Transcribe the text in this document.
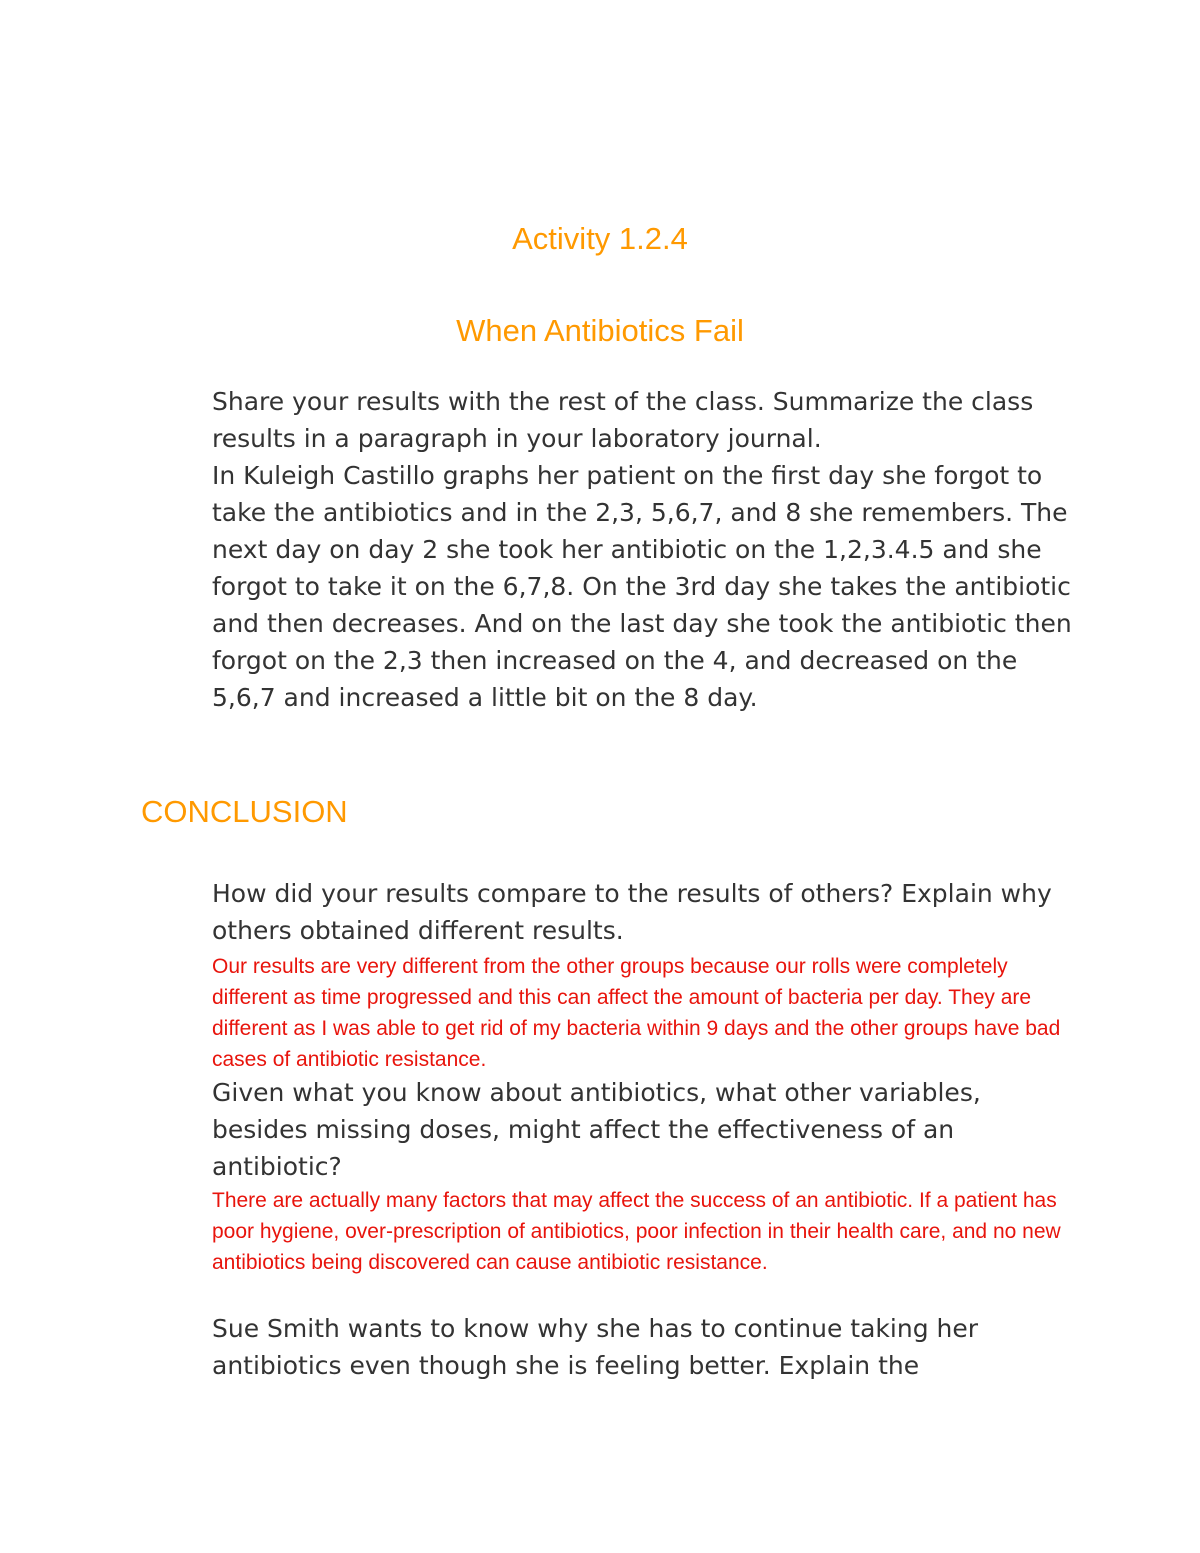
Activity 1.2.4
When Antibiotics Fail

Share your results with the rest of the class. Summarize the class results in a paragraph in your laboratory journal.

In Kuleigh Castillo graphs her patient on the first day she forgot to take the antibiotics and in the 2,3, 5,6,7, and 8 she remembers. The next day on day 2 she took her antibiotic on the 1,2,3.4.5 and she forgot to take it on the 6,7,8. On the 3rd day she takes the antibiotic and then decreases. And on the last day she took the antibiotic then forgot on the 2,3 then increased on the 4, and decreased on the 5,6,7 and increased a little bit on the 8 day.

CONCLUSION

How did your results compare to the results of others? Explain why others obtained different results.

Our results are very different from the other groups because our rolls were completely different as time progressed and this can affect the amount of bacteria per day. They are different as I was able to get rid of my bacteria within 9 days and the other groups have bad cases of antibiotic resistance.

Given what you know about antibiotics, what other variables, besides missing doses, might affect the effectiveness of an antibiotic?

There are actually many factors that may affect the success of an antibiotic. If a patient has poor hygiene, over-prescription of antibiotics, poor infection in their health care, and no new antibiotics being discovered can cause antibiotic resistance.

Sue Smith wants to know why she has to continue taking her antibiotics even though she is feeling better. Explain the
